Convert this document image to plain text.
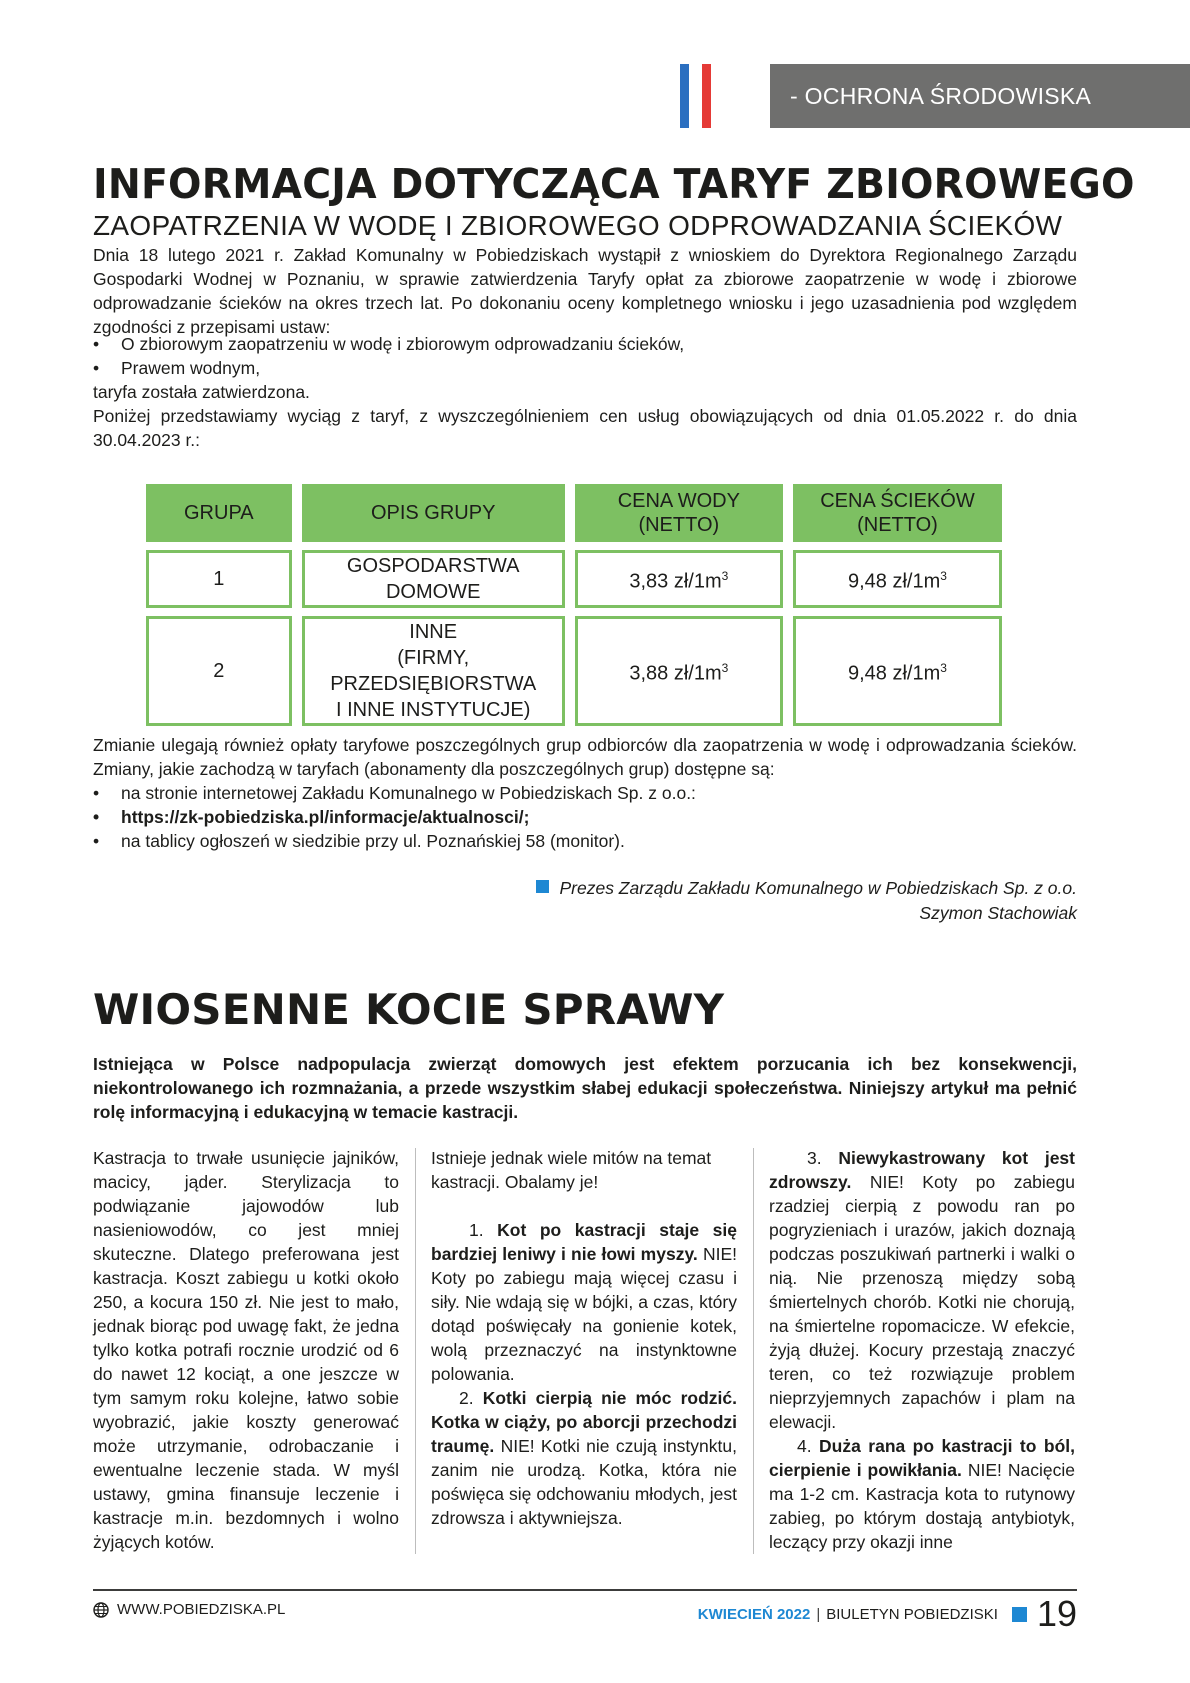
- OCHRONA ŚRODOWISKA
INFORMACJA DOTYCZĄCA TARYF ZBIOROWEGO
ZAOPATRZENIA W WODĘ I ZBIOROWEGO ODPROWADZANIA ŚCIEKÓW

Dnia 18 lutego 2021 r. Zakład Komunalny w Pobiedziskach wystąpił z wnioskiem do Dyrektora Regionalnego Zarządu Gospodarki Wodnej w Poznaniu, w sprawie zatwierdzenia Taryfy opłat za zbiorowe zaopatrzenie w wodę i zbiorowe odprowadzanie ścieków na okres trzech lat. Po dokonaniu oceny kompletnego wniosku i jego uzasadnienia pod względem zgodności z przepisami ustaw:

• O zbiorowym zaopatrzeniu w wodę i zbiorowym odprowadzaniu ścieków,
• Prawem wodnym,

taryfa została zatwierdzona.

Poniżej przedstawiamy wyciąg z taryf, z wyszczególnieniem cen usług obowiązujących od dnia 01.05.2022 r. do dnia 30.04.2023 r.:

GRUPA	OPIS GRUPY	CENA WODY (NETTO)	CENA ŚCIEKÓW (NETTO)
1	GOSPODARSTWA
DOMOWE	3,83 $zł/1m^3$	9,48 $zł/1m^3$
2	INNE
(FIRMY, PRZEDSIĘBIORSTWA
I INNE INSTYTUCJE)	3,88 $zł/1m^3$	9,48 $zł/1m^3$

Zmianie ulegają również opłaty taryfowe poszczególnych grup odbiorców dla zaopatrzenia w wodę i odprowadzania ścieków. Zmiany, jakie zachodzą w taryfach (abonamenty dla poszczególnych grup) dostępne są:

• na stronie internetowej Zakładu Komunalnego w Pobiedziskach Sp. z o.o.:
• https://zk-pobiedziska.pl/informacje/aktualnosci/;
• na tablicy ogłoszeń w siedzibie przy ul. Poznańskiej 58 (monitor).
Prezes Zarządu Zakładu Komunalnego w Pobiedziskach Sp. z o.o.
Szymon Stachowiak
WIOSENNE KOCIE SPRAWY

Istniejąca w Polsce nadpopulacja zwierząt domowych jest efektem porzucania ich bez konsekwencji, niekontrolowanego ich rozmnażania, a przede wszystkim słabej edukacji społeczeństwa. Niniejszy artykuł ma pełnić rolę informacyjną i edukacyjną w temacie kastracji.

Kastracja to trwałe usunięcie jajników, macicy, jąder. Sterylizacja to podwiązanie jajowodów lub nasieniowodów, co jest mniej skuteczne. Dlatego preferowana jest kastracja. Koszt zabiegu u kotki około 250, a kocura 150 zł. Nie jest to mało, jednak biorąc pod uwagę fakt, że jedna tylko kotka potrafi rocznie urodzić od 6 do nawet 12 kociąt, a one jeszcze w tym samym roku kolejne, łatwo sobie wyobrazić, jakie koszty generować może utrzymanie, odrobaczanie i ewentualne leczenie stada. W myśl ustawy, gmina finansuje leczenie i kastracje m.in. bezdomnych i wolno żyjących kotów.

Istnieje jednak wiele mitów na temat kastracji. Obalamy je!

1. Kot po kastracji staje się bardziej leniwy i nie łowi myszy. NIE! Koty po zabiegu mają więcej czasu i siły. Nie wdają się w bójki, a czas, który dotąd poświęcały na gonienie kotek, wolą przeznaczyć na instynktowne polowania.

2. Kotki cierpią nie móc rodzić. Kotka w ciąży, po aborcji przechodzi traumę. NIE! Kotki nie czują instynktu, zanim nie urodzą. Kotka, która nie poświęca się odchowaniu młodych, jest zdrowsza i aktywniejsza.

3. Niewykastrowany kot jest zdrowszy. NIE! Koty po zabiegu rzadziej cierpią z powodu ran po pogryzieniach i urazów, jakich doznają podczas poszukiwań partnerki i walki o nią. Nie przenoszą między sobą śmiertelnych chorób. Kotki nie chorują, na śmiertelne ropomacicze. W efekcie, żyją dłużej. Kocury przestają znaczyć teren, co też rozwiązuje problem nieprzyjemnych zapachów i plam na elewacji.

4. Duża rana po kastracji to ból, cierpienie i powikłania. NIE! Nacięcie ma 1-2 cm. Kastracja kota to rutynowy zabieg, po którym dostają antybiotyk, leczący przy okazji inne

WWW.POBIEDZISKA.PL	KWIECIEŃ 2022 | BIULETYN POBIEDZISKI 19
